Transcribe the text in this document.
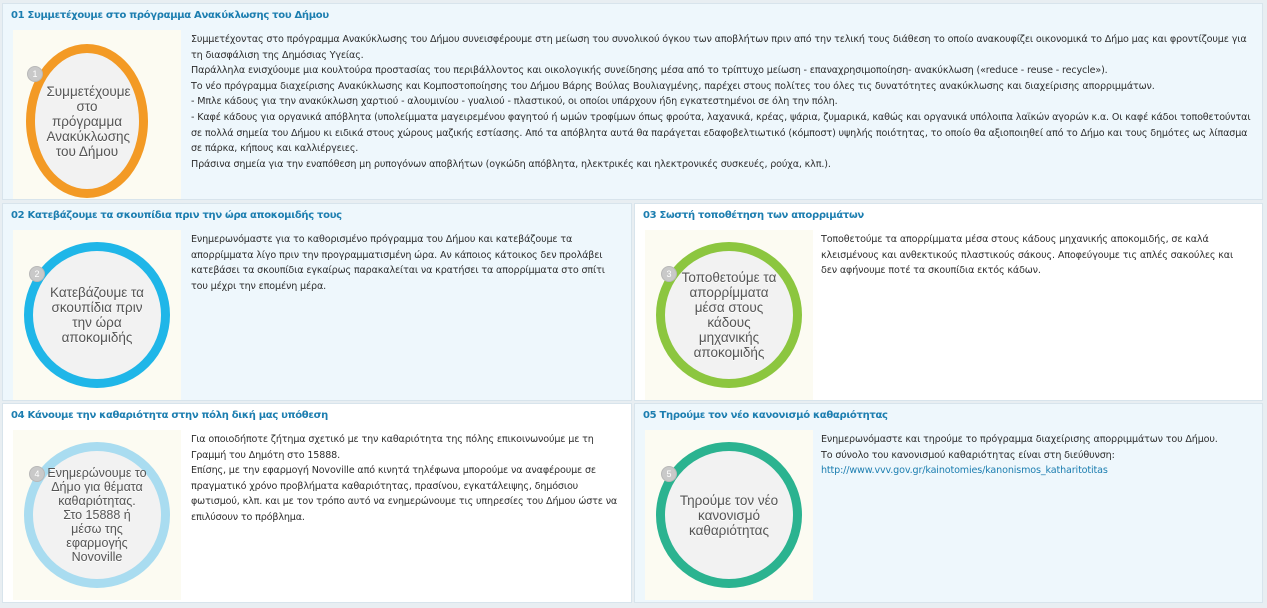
01 Συμμετέχουμε στο πρόγραμμα Ανακύκλωσης του Δήμου
Συμμετέχουμε στο πρόγραμμα Ανακύκλωσης του Δήμου
1

Συμμετέχοντας στο πρόγραμμα Ανακύκλωσης του Δήμου συνεισφέρουμε στη μείωση του συνολικού όγκου των αποβλήτων πριν από την τελική τους διάθεση το οποίο ανακουφίζει οικονομικά το Δήμο μας και φροντίζουμε για τη διασφάλιση της Δημόσιας Υγείας.

Παράλληλα ενισχύουμε μια κουλτούρα προστασίας του περιβάλλοντος και οικολογικής συνείδησης μέσα από το τρίπτυχο μείωση - επαναχρησιμοποίηση- ανακύκλωση («reduce - reuse - recycle»).

Το νέο πρόγραμμα διαχείρισης Ανακύκλωσης και Κομποστοποίησης του Δήμου Βάρης Βούλας Βουλιαγμένης, παρέχει στους πολίτες του όλες τις δυνατότητες ανακύκλωσης και διαχείρισης απορριμμάτων.

- Μπλε κάδους για την ανακύκλωση χαρτιού - αλουμινίου - γυαλιού - πλαστικού, οι οποίοι υπάρχουν ήδη εγκατεστημένοι σε όλη την πόλη.

- Καφέ κάδους για οργανικά απόβλητα (υπολείμματα μαγειρεμένου φαγητού ή ωμών τροφίμων όπως φρούτα, λαχανικά, κρέας, ψάρια, ζυμαρικά, καθώς και οργανικά υπόλοιπα λαϊκών αγορών κ.α. Οι καφέ κάδοι τοποθετούνται σε πολλά σημεία του Δήμου κι ειδικά στους χώρους μαζικής εστίασης. Από τα απόβλητα αυτά θα παράγεται εδαφοβελτιωτικό (κόμποστ) υψηλής ποιότητας, το οποίο θα αξιοποιηθεί από το Δήμο και τους δημότες ως λίπασμα σε πάρκα, κήπους και καλλιέργειες.

Πράσινα σημεία για την εναπόθεση μη ρυπογόνων αποβλήτων (ογκώδη απόβλητα, ηλεκτρικές και ηλεκτρονικές συσκευές, ρούχα, κλπ.).

02 Κατεβάζουμε τα σκουπίδια πριν την ώρα αποκομιδής τους
Κατεβάζουμε τα σκουπίδια πριν την ώρα αποκομιδής
2

Ενημερωνόμαστε για το καθορισμένο πρόγραμμα του Δήμου και κατεβάζουμε τα απορρίμματα λίγο πριν την προγραμματισμένη ώρα. Αν κάποιος κάτοικος δεν προλάβει κατεβάσει τα σκουπίδια εγκαίρως παρακαλείται να κρατήσει τα απορρίμματα στο σπίτι του μέχρι την επομένη μέρα.

03 Σωστή τοποθέτηση των απορριμάτων
Τοποθετούμε τα απορρίμματα μέσα στους κάδους μηχανικής αποκομιδής
3

Τοποθετούμε τα απορρίμματα μέσα στους κάδους μηχανικής αποκομιδής, σε καλά κλεισμένους και ανθεκτικούς πλαστικούς σάκους. Αποφεύγουμε τις απλές σακούλες και δεν αφήνουμε ποτέ τα σκουπίδια εκτός κάδων.

04 Κάνουμε την καθαριότητα στην πόλη δική μας υπόθεση
Ενημερώνουμε το Δήμο για θέματα καθαριότητας. Στο 15888 ή μέσω της εφαρμογής Novoville
4

Για οποιοδήποτε ζήτημα σχετικό με την καθαριότητα της πόλης επικοινωνούμε με τη Γραμμή του Δημότη στο 15888.

Επίσης, με την εφαρμογή Novoville από κινητά τηλέφωνα μπορούμε να αναφέρουμε σε πραγματικό χρόνο προβλήματα καθαριότητας, πρασίνου, εγκατάλειψης, δημόσιου φωτισμού, κλπ. και με τον τρόπο αυτό να ενημερώνουμε τις υπηρεσίες του Δήμου ώστε να επιλύσουν το πρόβλημα.

05 Τηρούμε τον νέο κανονισμό καθαριότητας
Τηρούμε τον νέο κανονισμό καθαριότητας
5

Ενημερωνόμαστε και τηρούμε το πρόγραμμα διαχείρισης απορριμμάτων του Δήμου.

Το σύνολο του κανονισμού καθαριότητας είναι στη διεύθυνση:

http://www.vvv.gov.gr/kainotomies/kanonismos_katharitotitas
